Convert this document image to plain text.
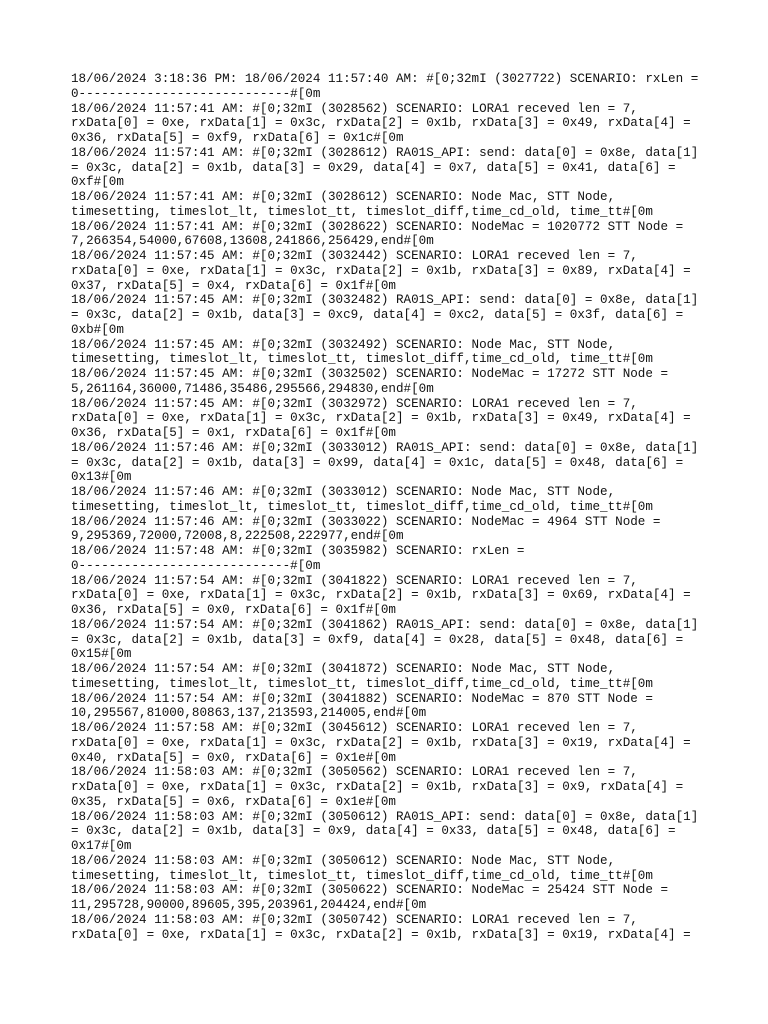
18/06/2024 3:18:36 PM: 18/06/2024 11:57:40 AM: #[0;32mI (3027722) SCENARIO: rxLen =

0----------------------------#[0m

18/06/2024 11:57:41 AM: #[0;32mI (3028562) SCENARIO: LORA1 receved len = 7,

rxData[0] = 0xe, rxData[1] = 0x3c, rxData[2] = 0x1b, rxData[3] = 0x49, rxData[4] =

0x36, rxData[5] = 0xf9, rxData[6] = 0x1c#[0m

18/06/2024 11:57:41 AM: #[0;32mI (3028612) RA01S_API: send: data[0] = 0x8e, data[1]

= 0x3c, data[2] = 0x1b, data[3] = 0x29, data[4] = 0x7, data[5] = 0x41, data[6] =

0xf#[0m

18/06/2024 11:57:41 AM: #[0;32mI (3028612) SCENARIO: Node Mac, STT Node,

timesetting, timeslot_lt, timeslot_tt, timeslot_diff,time_cd_old, time_tt#[0m

18/06/2024 11:57:41 AM: #[0;32mI (3028622) SCENARIO: NodeMac = 1020772 STT Node =

7,266354,54000,67608,13608,241866,256429,end#[0m

18/06/2024 11:57:45 AM: #[0;32mI (3032442) SCENARIO: LORA1 receved len = 7,

rxData[0] = 0xe, rxData[1] = 0x3c, rxData[2] = 0x1b, rxData[3] = 0x89, rxData[4] =

0x37, rxData[5] = 0x4, rxData[6] = 0x1f#[0m

18/06/2024 11:57:45 AM: #[0;32mI (3032482) RA01S_API: send: data[0] = 0x8e, data[1]

= 0x3c, data[2] = 0x1b, data[3] = 0xc9, data[4] = 0xc2, data[5] = 0x3f, data[6] =

0xb#[0m

18/06/2024 11:57:45 AM: #[0;32mI (3032492) SCENARIO: Node Mac, STT Node,

timesetting, timeslot_lt, timeslot_tt, timeslot_diff,time_cd_old, time_tt#[0m

18/06/2024 11:57:45 AM: #[0;32mI (3032502) SCENARIO: NodeMac = 17272 STT Node =

5,261164,36000,71486,35486,295566,294830,end#[0m

18/06/2024 11:57:45 AM: #[0;32mI (3032972) SCENARIO: LORA1 receved len = 7,

rxData[0] = 0xe, rxData[1] = 0x3c, rxData[2] = 0x1b, rxData[3] = 0x49, rxData[4] =

0x36, rxData[5] = 0x1, rxData[6] = 0x1f#[0m

18/06/2024 11:57:46 AM: #[0;32mI (3033012) RA01S_API: send: data[0] = 0x8e, data[1]

= 0x3c, data[2] = 0x1b, data[3] = 0x99, data[4] = 0x1c, data[5] = 0x48, data[6] =

0x13#[0m

18/06/2024 11:57:46 AM: #[0;32mI (3033012) SCENARIO: Node Mac, STT Node,

timesetting, timeslot_lt, timeslot_tt, timeslot_diff,time_cd_old, time_tt#[0m

18/06/2024 11:57:46 AM: #[0;32mI (3033022) SCENARIO: NodeMac = 4964 STT Node =

9,295369,72000,72008,8,222508,222977,end#[0m

18/06/2024 11:57:48 AM: #[0;32mI (3035982) SCENARIO: rxLen =

0----------------------------#[0m

18/06/2024 11:57:54 AM: #[0;32mI (3041822) SCENARIO: LORA1 receved len = 7,

rxData[0] = 0xe, rxData[1] = 0x3c, rxData[2] = 0x1b, rxData[3] = 0x69, rxData[4] =

0x36, rxData[5] = 0x0, rxData[6] = 0x1f#[0m

18/06/2024 11:57:54 AM: #[0;32mI (3041862) RA01S_API: send: data[0] = 0x8e, data[1]

= 0x3c, data[2] = 0x1b, data[3] = 0xf9, data[4] = 0x28, data[5] = 0x48, data[6] =

0x15#[0m

18/06/2024 11:57:54 AM: #[0;32mI (3041872) SCENARIO: Node Mac, STT Node,

timesetting, timeslot_lt, timeslot_tt, timeslot_diff,time_cd_old, time_tt#[0m

18/06/2024 11:57:54 AM: #[0;32mI (3041882) SCENARIO: NodeMac = 870 STT Node =

10,295567,81000,80863,137,213593,214005,end#[0m

18/06/2024 11:57:58 AM: #[0;32mI (3045612) SCENARIO: LORA1 receved len = 7,

rxData[0] = 0xe, rxData[1] = 0x3c, rxData[2] = 0x1b, rxData[3] = 0x19, rxData[4] =

0x40, rxData[5] = 0x0, rxData[6] = 0x1e#[0m

18/06/2024 11:58:03 AM: #[0;32mI (3050562) SCENARIO: LORA1 receved len = 7,

rxData[0] = 0xe, rxData[1] = 0x3c, rxData[2] = 0x1b, rxData[3] = 0x9, rxData[4] =

0x35, rxData[5] = 0x6, rxData[6] = 0x1e#[0m

18/06/2024 11:58:03 AM: #[0;32mI (3050612) RA01S_API: send: data[0] = 0x8e, data[1]

= 0x3c, data[2] = 0x1b, data[3] = 0x9, data[4] = 0x33, data[5] = 0x48, data[6] =

0x17#[0m

18/06/2024 11:58:03 AM: #[0;32mI (3050612) SCENARIO: Node Mac, STT Node,

timesetting, timeslot_lt, timeslot_tt, timeslot_diff,time_cd_old, time_tt#[0m

18/06/2024 11:58:03 AM: #[0;32mI (3050622) SCENARIO: NodeMac = 25424 STT Node =

11,295728,90000,89605,395,203961,204424,end#[0m

18/06/2024 11:58:03 AM: #[0;32mI (3050742) SCENARIO: LORA1 receved len = 7,

rxData[0] = 0xe, rxData[1] = 0x3c, rxData[2] = 0x1b, rxData[3] = 0x19, rxData[4] =
